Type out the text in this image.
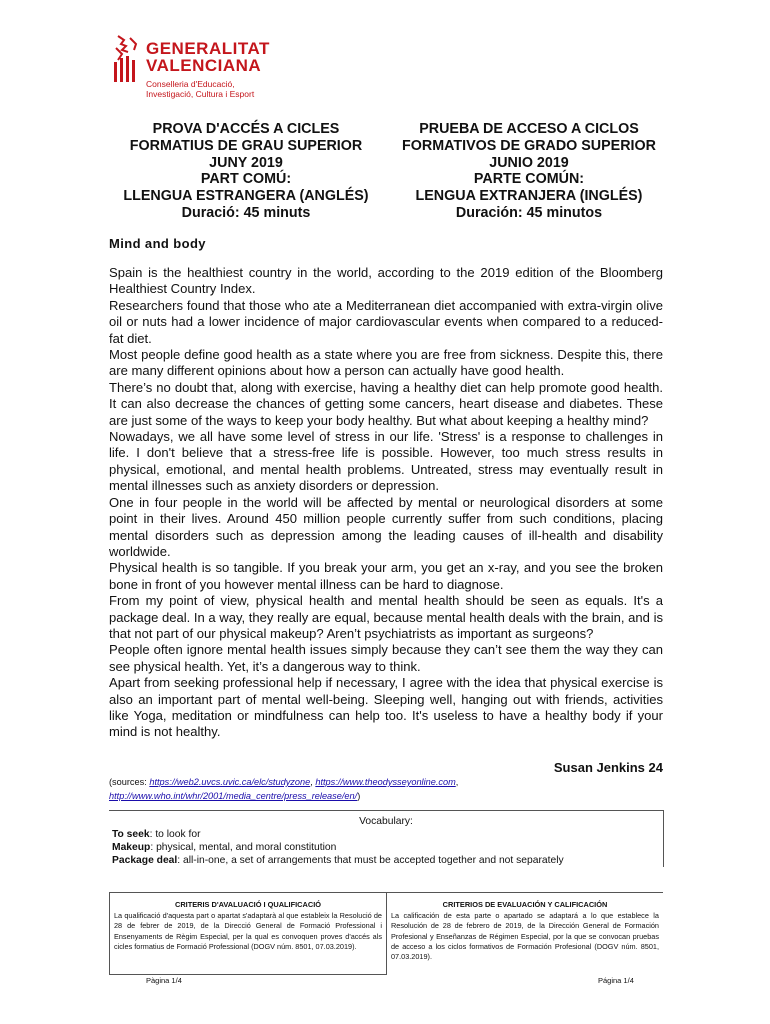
GENERALITAT
VALENCIANA
Conselleria d'Educació,
Investigació, Cultura i Esport
PROVA D'ACCÉS A CICLES
FORMATIUS DE GRAU SUPERIOR
JUNY 2019
PART COMÚ:
LLENGUA ESTRANGERA (ANGLÉS)
Duració: 45 minuts
PRUEBA DE ACCESO A CICLOS
FORMATIVOS DE GRADO SUPERIOR
JUNIO 2019
PARTE COMÚN:
LENGUA EXTRANJERA (INGLÉS)
Duración: 45 minutos
Mind and body

Spain is the healthiest country in the world, according to the 2019 edition of the Bloomberg Healthiest Country Index.

Researchers found that those who ate a Mediterranean diet accompanied with extra-virgin olive oil or nuts had a lower incidence of major cardiovascular events when compared to a reduced-fat diet.

Most people define good health as a state where you are free from sickness. Despite this, there are many different opinions about how a person can actually have good health.

There’s no doubt that, along with exercise, having a healthy diet can help promote good health. It can also decrease the chances of getting some cancers, heart disease and diabetes. These are just some of the ways to keep your body healthy. But what about keeping a healthy mind?

Nowadays, we all have some level of stress in our life. 'Stress' is a response to challenges in life. I don't believe that a stress-free life is possible. However, too much stress results in physical, emotional, and mental health problems. Untreated, stress may eventually result in mental illnesses such as anxiety disorders or depression.

One in four people in the world will be affected by mental or neurological disorders at some point in their lives. Around 450 million people currently suffer from such conditions, placing mental disorders such as depression among the leading causes of ill-health and disability worldwide.

Physical health is so tangible. If you break your arm, you get an x-ray, and you see the broken bone in front of you however mental illness can be hard to diagnose.

From my point of view, physical health and mental health should be seen as equals. It's a package deal. In a way, they really are equal, because mental health deals with the brain, and is that not part of our physical makeup? Aren’t psychiatrists as important as surgeons?

People often ignore mental health issues simply because they can’t see them the way they can see physical health. Yet, it’s a dangerous way to think.

Apart from seeking professional help if necessary, I agree with the idea that physical exercise is also an important part of mental well-being. Sleeping well, hanging out with friends, activities like Yoga, meditation or mindfulness can help too. It's useless to have a healthy body if your mind is not healthy.

Susan Jenkins 24
(sources: https://web2.uvcs.uvic.ca/elc/studyzone, https://www.theodysseyonline.com,
http://www.who.int/whr/2001/media_centre/press_release/en/)
Vocabulary:
To seek: to look for
Makeup: physical, mental, and moral constitution
Package deal: all-in-one, a set of arrangements that must be accepted together and not separately
CRITERIS D'AVALUACIÓ I QUALIFICACIÓ
La qualificació d'aquesta part o apartat s'adaptarà al que estableix la Resolució de 28 de febrer de 2019, de la Direcció General de Formació Professional i Ensenyaments de Règim Especial, per la qual es convoquen proves d'accés als cicles formatius de Formació Professional (DOGV núm. 8501, 07.03.2019).
CRITERIOS DE EVALUACIÓN Y CALIFICACIÓN
La calificación de esta parte o apartado se adaptará a lo que establece la Resolución de 28 de febrero de 2019, de la Dirección General de Formación Profesional y Enseñanzas de Régimen Especial, por la que se convocan pruebas de acceso a los ciclos formativos de Formación Profesional (DOGV núm. 8501, 07.03.2019).
Pàgina 1/4	Página 1/4
